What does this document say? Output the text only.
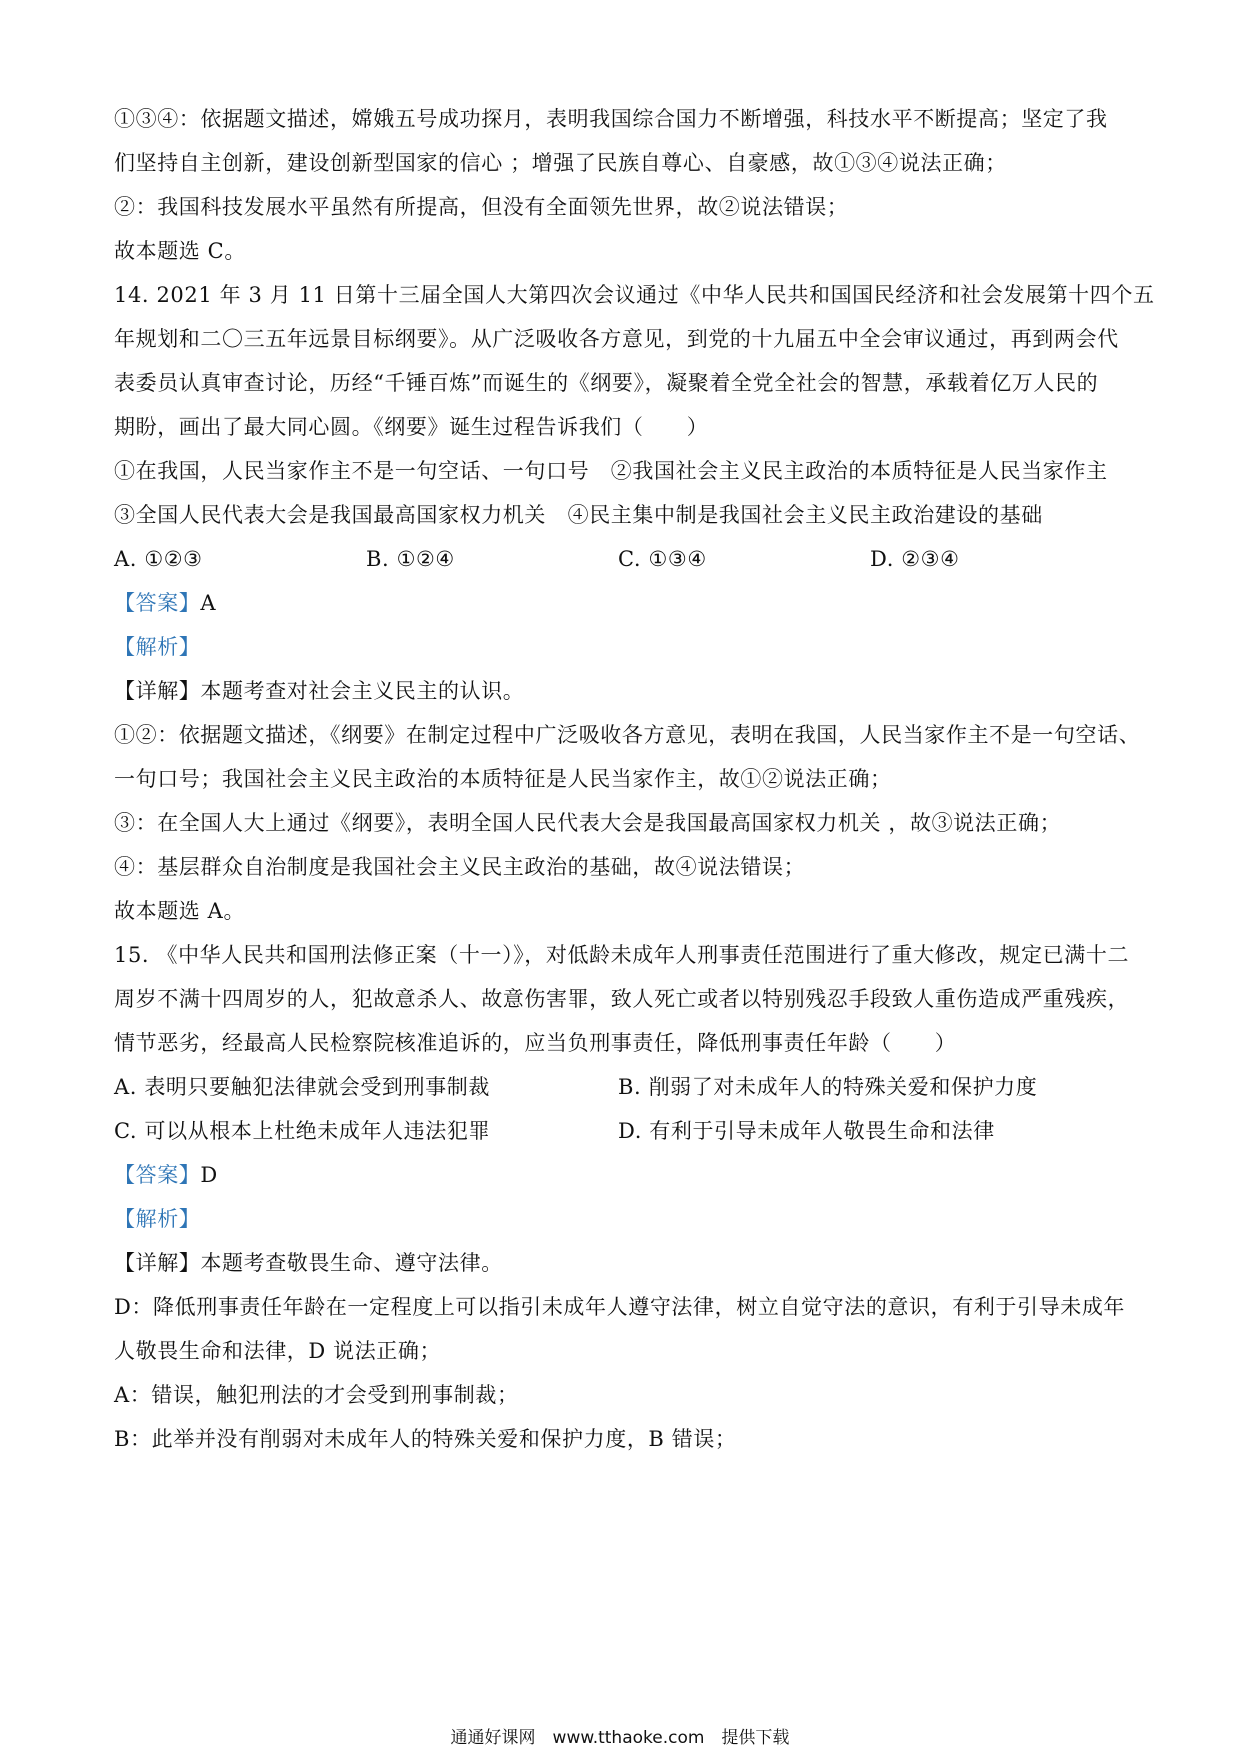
①③④：依据题文描述，嫦娥五号成功探月，表明我国综合国力不断增强，科技水平不断提高；坚定了我
们坚持自主创新，建设创新型国家的信心 ；增强了民族自尊心、自豪感，故①③④说法正确；
②：我国科技发展水平虽然有所提高，但没有全面领先世界，故②说法错误；
故本题选 C。
14. 2021 年 3 月 11 日第十三届全国人大第四次会议通过《中华人民共和国国民经济和社会发展第十四个五
年规划和二〇三五年远景目标纲要》。从广泛吸收各方意见，到党的十九届五中全会审议通过，再到两会代
表委员认真审查讨论，历经“千锤百炼”而诞生的《纲要》，凝聚着全党全社会的智慧，承载着亿万人民的
期盼，画出了最大同心圆。《纲要》诞生过程告诉我们（　　）
①在我国，人民当家作主不是一句空话、一句口号　②我国社会主义民主政治的本质特征是人民当家作主
③全国人民代表大会是我国最高国家权力机关　④民主集中制是我国社会主义民主政治建设的基础
A. ①②③	B. ①②④	C. ①③④	D. ②③④
【答案】A
【解析】
【详解】本题考查对社会主义民主的认识。
①②：依据题文描述，《纲要》在制定过程中广泛吸收各方意见，表明在我国，人民当家作主不是一句空话、
一句口号；我国社会主义民主政治的本质特征是人民当家作主，故①②说法正确；
③：在全国人大上通过《纲要》，表明全国人民代表大会是我国最高国家权力机关 ，故③说法正确；
④：基层群众自治制度是我国社会主义民主政治的基础，故④说法错误；
故本题选 A。
15. 《中华人民共和国刑法修正案（十一）》，对低龄未成年人刑事责任范围进行了重大修改，规定已满十二
周岁不满十四周岁的人，犯故意杀人、故意伤害罪，致人死亡或者以特别残忍手段致人重伤造成严重残疾，
情节恶劣，经最高人民检察院核准追诉的，应当负刑事责任，降低刑事责任年龄（　　）
A. 表明只要触犯法律就会受到刑事制裁	B. 削弱了对未成年人的特殊关爱和保护力度
C. 可以从根本上杜绝未成年人违法犯罪	D. 有利于引导未成年人敬畏生命和法律
【答案】D
【解析】
【详解】本题考查敬畏生命、遵守法律。
D：降低刑事责任年龄在一定程度上可以指引未成年人遵守法律，树立自觉守法的意识，有利于引导未成年
人敬畏生命和法律，D 说法正确；
A：错误，触犯刑法的才会受到刑事制裁；
B：此举并没有削弱对未成年人的特殊关爱和保护力度，B 错误；
通通好课网　www.tthaoke.com　提供下载
